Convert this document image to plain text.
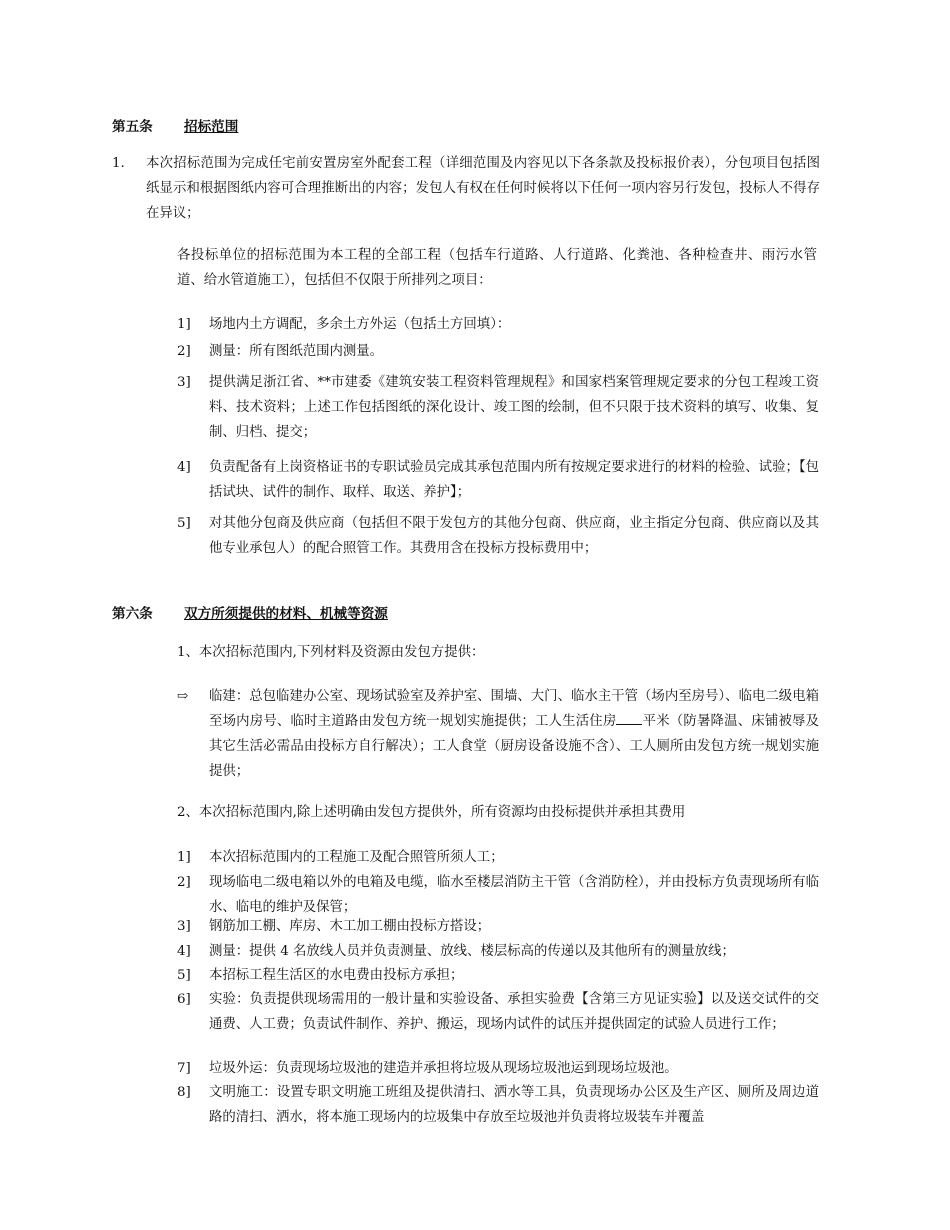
第五条 招标范围
1.	本次招标范围为完成任宅前安置房室外配套工程（详细范围及内容见以下各条款及投标报价表），分包项目包括图纸显示和根据图纸内容可合理推断出的内容；发包人有权在任何时候将以下任何一项内容另行发包，投标人不得存在异议；
各投标单位的招标范围为本工程的全部工程（包括车行道路、人行道路、化粪池、各种检查井、雨污水管道、给水管道施工），包括但不仅限于所排列之项目：
1]	场地内土方调配，多余土方外运（包括土方回填）：
2]	测量：所有图纸范围内测量。
3]	提供满足浙江省、**市建委《建筑安装工程资料管理规程》和国家档案管理规定要求的分包工程竣工资料、技术资料；上述工作包括图纸的深化设计、竣工图的绘制，但不只限于技术资料的填写、收集、复制、归档、提交；
4]	负责配备有上岗资格证书的专职试验员完成其承包范围内所有按规定要求进行的材料的检验、试验；【包括试块、试件的制作、取样、取送、养护】；
5]	对其他分包商及供应商（包括但不限于发包方的其他分包商、供应商，业主指定分包商、供应商以及其他专业承包人）的配合照管工作。其费用含在投标方投标费用中；
第六条 双方所须提供的材料、机械等资源
1、本次招标范围内,下列材料及资源由发包方提供：
⇨	临建：总包临建办公室、现场试验室及养护室、围墙、大门、临水主干管（场内至房号）、临电二级电箱至场内房号、临时主道路由发包方统一规划实施提供；工人生活住房 平米（防暑降温、床铺被辱及其它生活必需品由投标方自行解决）；工人食堂（厨房设备设施不含）、工人厕所由发包方统一规划实施提供；
2、本次招标范围内,除上述明确由发包方提供外，所有资源均由投标提供并承担其费用
1]	本次招标范围内的工程施工及配合照管所须人工；
2]	现场临电二级电箱以外的电箱及电缆，临水至楼层消防主干管（含消防栓），并由投标方负责现场所有临水、临电的维护及保管；
3]	钢筋加工棚、库房、木工加工棚由投标方搭设；
4]	测量：提供 4 名放线人员并负责测量、放线、楼层标高的传递以及其他所有的测量放线；
5]	本招标工程生活区的水电费由投标方承担；
6]	实验：负责提供现场需用的一般计量和实验设备、承担实验费【含第三方见证实验】以及送交试件的交通费、人工费；负责试件制作、养护、搬运，现场内试件的试压并提供固定的试验人员进行工作；
7]	垃圾外运：负责现场垃圾池的建造并承担将垃圾从现场垃圾池运到现场垃圾池。
8]	文明施工：设置专职文明施工班组及提供清扫、洒水等工具，负责现场办公区及生产区、厕所及周边道路的清扫、洒水，将本施工现场内的垃圾集中存放至垃圾池并负责将垃圾装车并覆盖
